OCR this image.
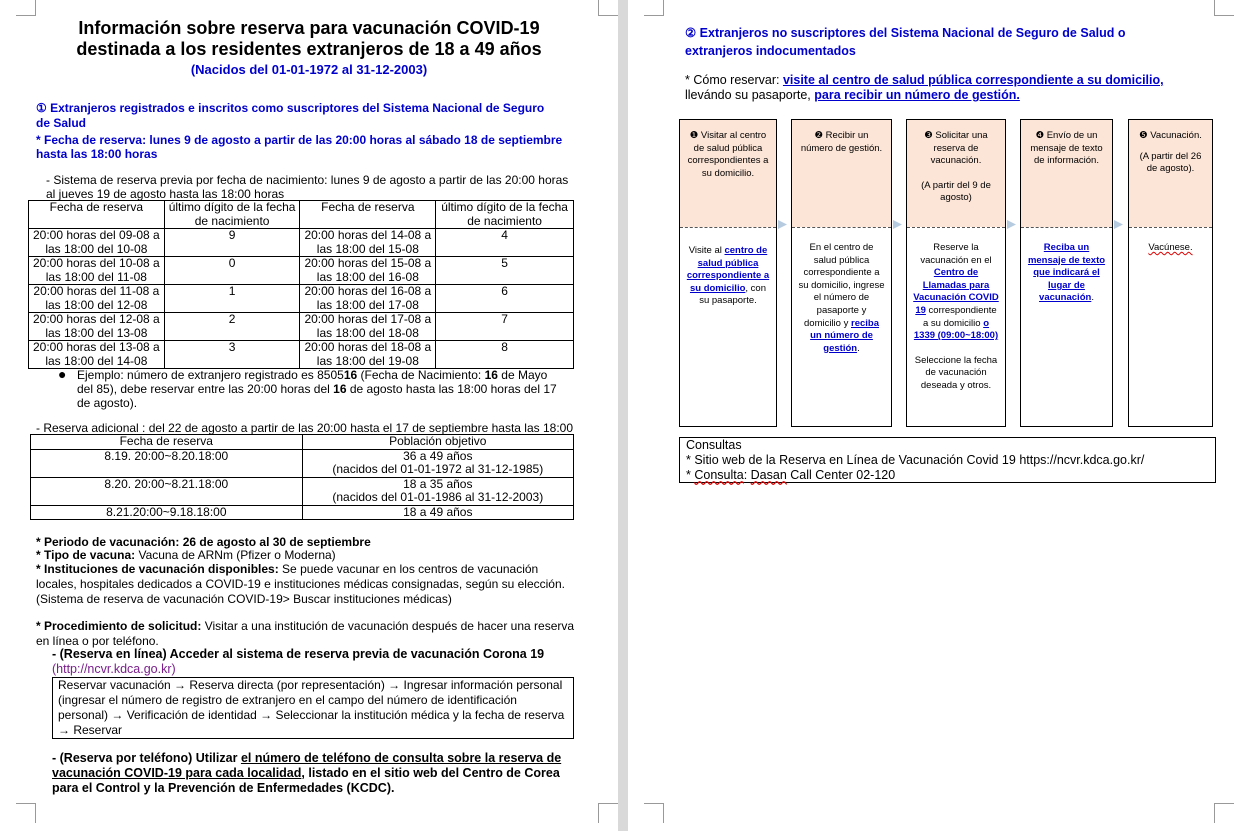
Información sobre reserva para vacunación COVID-19
destinada a los residentes extranjeros de 18 a 49 años
(Nacidos del 01-01-1972 al 31-12-2003)
① Extranjeros registrados e inscritos como suscriptores del Sistema Nacional de Seguro de Salud
* Fecha de reserva: lunes 9 de agosto a partir de las 20:00 horas al sábado 18 de septiembre hasta las 18:00 horas
- Sistema de reserva previa por fecha de nacimiento: lunes 9 de agosto a partir de las 20:00 horas al jueves 19 de agosto hasta las 18:00 horas
Fecha de reserva	último dígito de la fecha de nacimiento	Fecha de reserva	último dígito de la fecha de nacimiento
20:00 horas del 09-08 a las 18:00 del 10-08	9	20:00 horas del 14-08 a las 18:00 del 15-08	4
20:00 horas del 10-08 a las 18:00 del 11-08	0	20:00 horas del 15-08 a las 18:00 del 16-08	5
20:00 horas del 11-08 a las 18:00 del 12-08	1	20:00 horas del 16-08 a las 18:00 del 17-08	6
20:00 horas del 12-08 a las 18:00 del 13-08	2	20:00 horas del 17-08 a las 18:00 del 18-08	7
20:00 horas del 13-08 a las 18:00 del 14-08	3	20:00 horas del 18-08 a las 18:00 del 19-08	8
● Ejemplo: número de extranjero registrado es 850516 (Fecha de Nacimiento: 16 de Mayo del 85), debe reservar entre las 20:00 horas del 16 de agosto hasta las 18:00 horas del 17 de agosto).
- Reserva adicional : del 22 de agosto a partir de las 20:00 hasta el 17 de septiembre hasta las 18:00
Fecha de reserva	Población objetivo
8.19. 20:00~8.20.18:00	36 a 49 años
(nacidos del 01-01-1972 al 31-12-1985)

8.20. 20:00~8.21.18:00	18 a 35 años
(nacidos del 01-01-1986 al 31-12-2003)

8.21.20:00~9.18.18:00	18 a 49 años
* Periodo de vacunación: 26 de agosto al 30 de septiembre
* Tipo de vacuna: Vacuna de ARNm (Pfizer o Moderna)
* Instituciones de vacunación disponibles: Se puede vacunar en los centros de vacunación locales, hospitales dedicados a COVID-19 e instituciones médicas consignadas, según su elección. (Sistema de reserva de vacunación COVID-19> Buscar instituciones médicas)
* Procedimiento de solicitud: Visitar a una institución de vacunación después de hacer una reserva en línea o por teléfono.
- (Reserva en línea) Acceder al sistema de reserva previa de vacunación Corona 19 (http://ncvr.kdca.go.kr)
Reservar vacunación → Reserva directa (por representación) → Ingresar información personal (ingresar el número de registro de extranjero en el campo del número de identificación personal) → Verificación de identidad → Seleccionar la institución médica y la fecha de reserva → Reservar
- (Reserva por teléfono) Utilizar el número de teléfono de consulta sobre la reserva de vacunación COVID-19 para cada localidad, listado en el sitio web del Centro de Corea para el Control y la Prevención de Enfermedades (KCDC).
② Extranjeros no suscriptores del Sistema Nacional de Seguro de Salud o extranjeros indocumentados
* Cómo reservar: visite al centro de salud pública correspondiente a su domicilio, llevándo su pasaporte, para recibir un número de gestión.
❶ Visitar al centro de salud pública correspondientes a su domicilio.
Visite al centro de salud pública correspondiente a su domicilio, con su pasaporte.
❷ Recibir un número de gestión.
En el centro de salud pública correspondiente a su domicilio, ingrese el número de pasaporte y domicilio y reciba un número de gestión.
❸ Solicitar una reserva de vacunación.
(A partir del 9 de agosto)
Reserve la vacunación en el Centro de Llamadas para Vacunación COVID 19 correspondiente a su domicilio o 1339 (09:00~18:00)
Seleccione la fecha de vacunación deseada y otros.
❹ Envío de un mensaje de texto de información.
Reciba un mensaje de texto que indicará el lugar de vacunación.
❺ Vacunación.
(A partir del 26 de agosto).
Vacúnese.
Consultas
* Sitio web de la Reserva en Línea de Vacunación Covid 19 https://ncvr.kdca.go.kr/
* Consulta: Dasan Call Center 02-120
